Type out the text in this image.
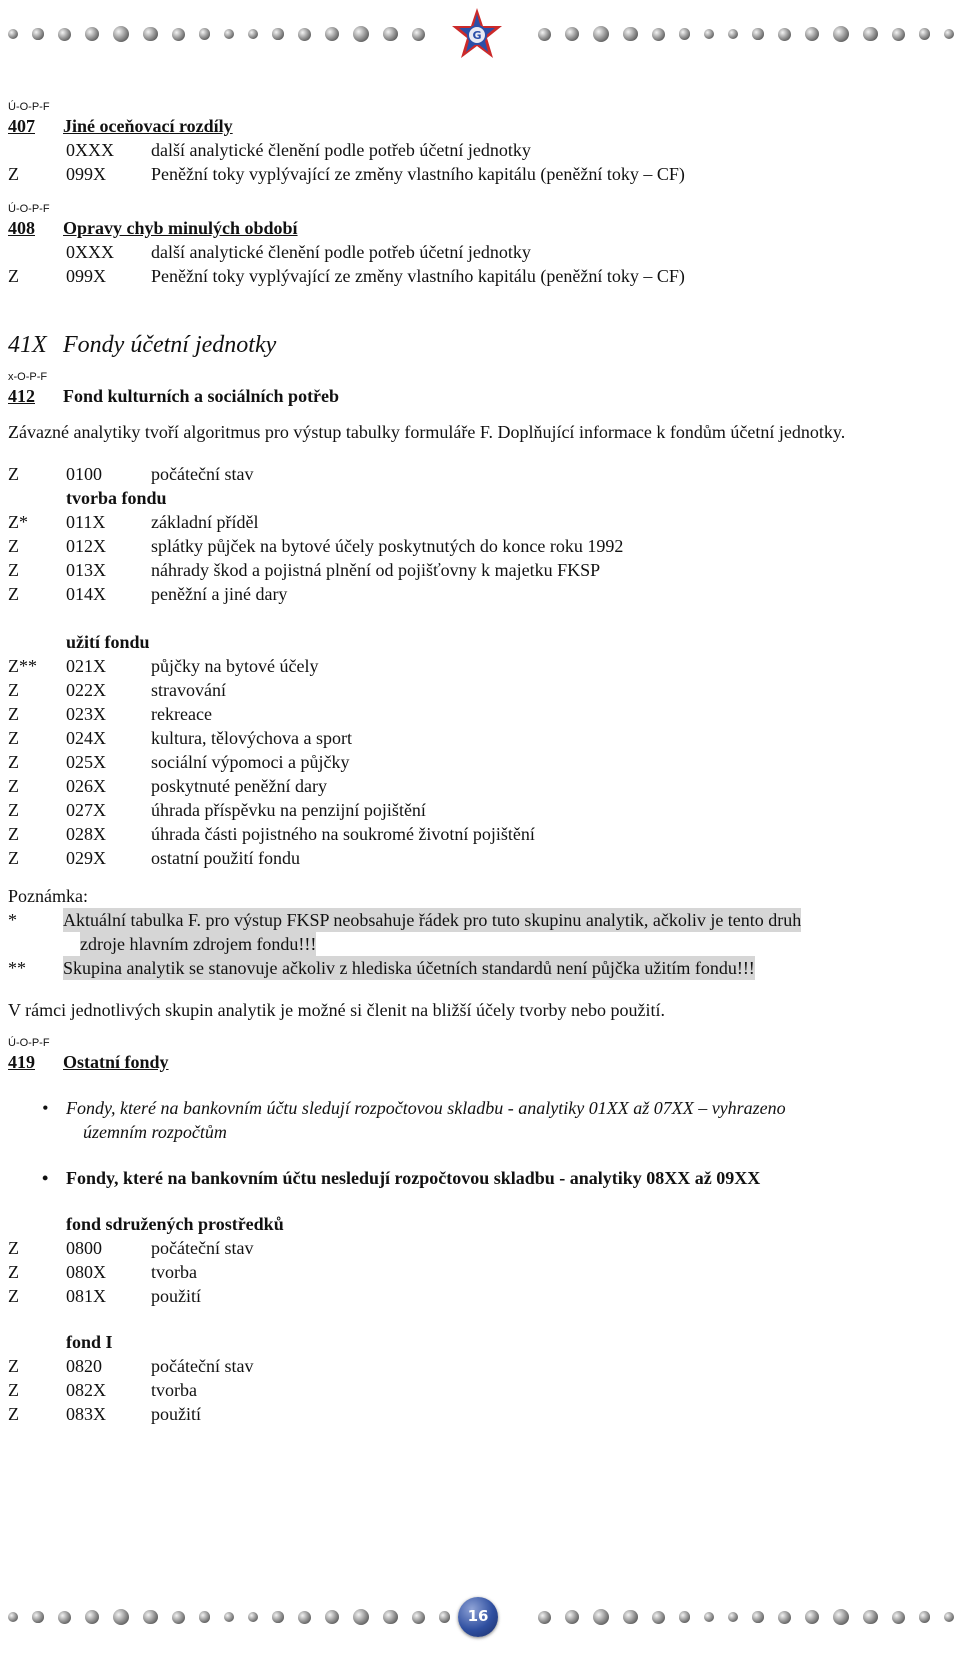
G
Ú-O-P-F
407 Jiné oceňovací rozdíly
0XXX další analytické členění podle potřeb účetní jednotky
Z	099X	Peněžní toky vyplývající ze změny vlastního kapitálu (peněžní toky – CF)
Ú-O-P-F
408 Opravy chyb minulých období
0XXX další analytické členění podle potřeb účetní jednotky
Z	099X	Peněžní toky vyplývající ze změny vlastního kapitálu (peněžní toky – CF)
41X Fondy účetní jednotky
x-O-P-F
412 Fond kulturních a sociálních potřeb
Závazné analytiky tvoří algoritmus pro výstup tabulky formuláře F. Doplňující informace k fondům účetní jednotky.
Z	0100	počáteční stav
tvorba fondu
Z* 011X	základní příděl
Z	012X	splátky půjček na bytové účely poskytnutých do konce roku 1992
Z	013X	náhrady škod a pojistná plnění od pojišťovny k majetku FKSP
Z	014X	peněžní a jiné dary
užití fondu
Z** 021X	půjčky na bytové účely
Z	022X	stravování
Z	023X	rekreace
Z	024X	kultura, tělovýchova a sport
Z	025X	sociální výpomoci a půjčky
Z	026X	poskytnuté peněžní dary
Z	027X	úhrada příspěvku na penzijní pojištění
Z	028X	úhrada části pojistného na soukromé životní pojištění
Z	029X	ostatní použití fondu
Poznámka:
*	Aktuální tabulka F. pro výstup FKSP neobsahuje řádek pro tuto skupinu analytik, ačkoliv je tento druh
zdroje hlavním zdrojem fondu!!!
** Skupina analytik se stanovuje ačkoliv z hlediska účetních standardů není půjčka užitím fondu!!!
V rámci jednotlivých skupin analytik je možné si členit na bližší účely tvorby nebo použití.
Ú-O-P-F
419 Ostatní fondy
• Fondy, které na bankovním účtu sledují rozpočtovou skladbu - analytiky 01XX až 07XX – vyhrazeno
územním rozpočtům
• Fondy, které na bankovním účtu nesledují rozpočtovou skladbu - analytiky 08XX až 09XX
fond sdružených prostředků
Z	0800	počáteční stav
Z	080X	tvorba
Z	081X	použití
fond I
Z	0820	počáteční stav
Z	082X	tvorba
Z	083X	použití
16
